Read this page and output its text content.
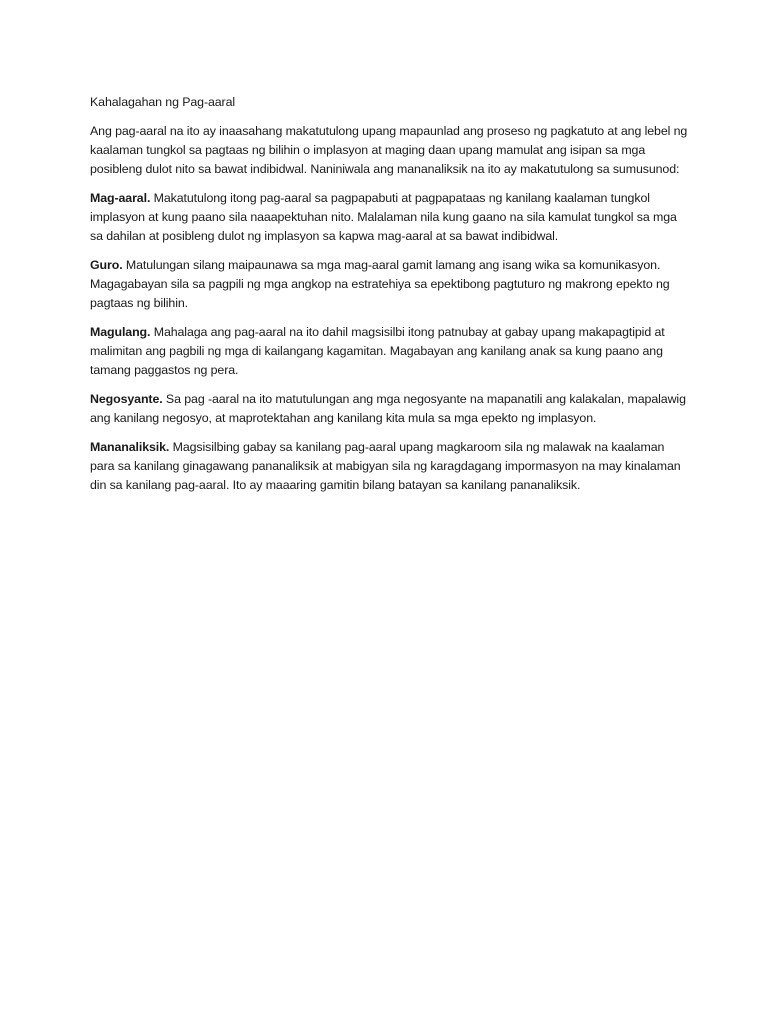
Kahalagahan ng Pag-aaral
Ang pag-aaral na ito ay inaasahang makatutulong upang mapaunlad ang proseso ng pagkatuto at ang lebel ng kaalaman tungkol sa pagtaas ng bilihin o implasyon at maging daan upang mamulat ang isipan sa mga posibleng dulot nito sa bawat indibidwal. Naniniwala ang mananaliksik na ito ay makatutulong sa sumusunod:
Mag-aaral. Makatutulong itong pag-aaral sa pagpapabuti at pagpapataas ng kanilang kaalaman tungkol implasyon at kung paano sila naaapektuhan nito. Malalaman nila kung gaano na sila kamulat tungkol sa mga sa dahilan at posibleng dulot ng implasyon sa kapwa mag-aaral at sa bawat indibidwal.
Guro. Matulungan silang maipaunawa sa mga mag-aaral gamit lamang ang isang wika sa komunikasyon. Magagabayan sila sa pagpili ng mga angkop na estratehiya sa epektibong pagtuturo ng makrong epekto ng pagtaas ng bilihin.
Magulang. Mahalaga ang pag-aaral na ito dahil magsisilbi itong patnubay at gabay upang makapagtipid at malimitan ang pagbili ng mga di kailangang kagamitan. Magabayan ang kanilang anak sa kung paano ang tamang paggastos ng pera.
Negosyante. Sa pag -aaral na ito matutulungan ang mga negosyante na mapanatili ang kalakalan, mapalawig ang kanilang negosyo, at maprotektahan ang kanilang kita mula sa mga epekto ng implasyon.
Mananaliksik. Magsisilbing gabay sa kanilang pag-aaral upang magkaroom sila ng malawak na kaalaman para sa kanilang ginagawang pananaliksik at mabigyan sila ng karagdagang impormasyon na may kinalaman din sa kanilang pag-aaral. Ito ay maaaring gamitin bilang batayan sa kanilang pananaliksik.
